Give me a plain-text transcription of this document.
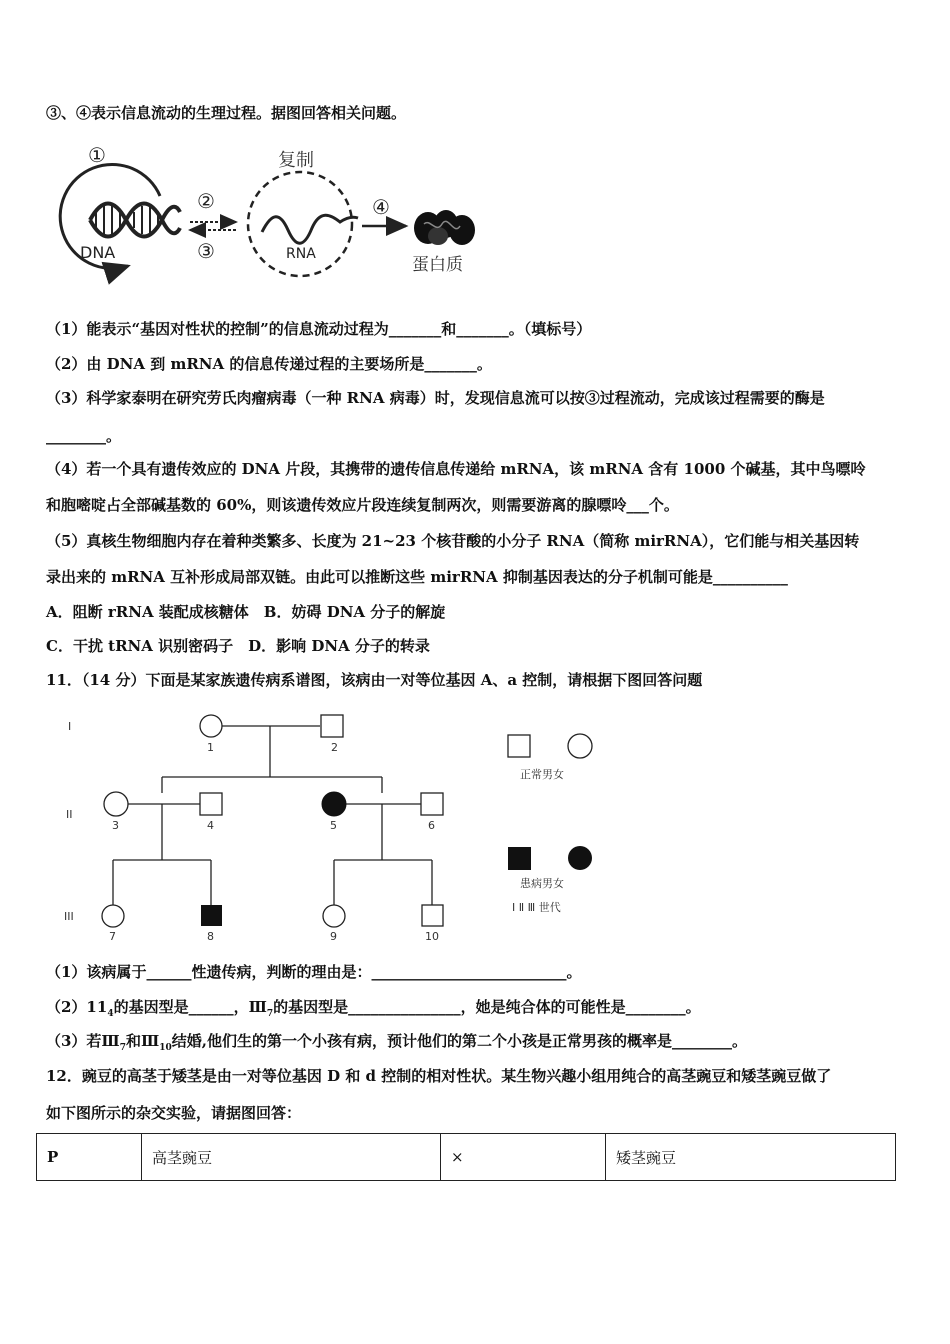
③、④表示信息流动的生理过程。据图回答相关问题。
①
DNA
②
③
复制
RNA
④
蛋白质
（1）能表示“基因对性状的控制”的信息流动过程为_______和_______。（填标号）
（2）由 DNA 到 mRNA 的信息传递过程的主要场所是_______。
（3）科学家泰明在研究劳氏肉瘤病毒（一种 RNA 病毒）时，发现信息流可以按③过程流动，完成该过程需要的酶是
________。
（4）若一个具有遗传效应的 DNA 片段，其携带的遗传信息传递给 mRNA，该 mRNA 含有 1000 个碱基，其中鸟嘌呤
和胞嘧啶占全部碱基数的 60%，则该遗传效应片段连续复制两次，则需要游离的腺嘌呤___个。
（5）真核生物细胞内存在着种类繁多、长度为 21~23 个核苷酸的小分子 RNA（简称 mirRNA），它们能与相关基因转
录出来的 mRNA 互补形成局部双链。由此可以推断这些 mirRNA 抑制基因表达的分子机制可能是__________
A．阻断 rRNA 装配成核糖体　B．妨碍 DNA 分子的解旋
C．干扰 tRNA 识别密码子　D．影响 DNA 分子的转录
11．（14 分）下面是某家族遗传病系谱图，该病由一对等位基因 A、a 控制，请根据下图回答问题
I
II
III
1	2
3	4	5	6
7	8	9	10
正常男女
患病男女
Ⅰ Ⅱ Ⅲ 世代
（1）该病属于______性遗传病，判断的理由是：__________________________。
$(2)11_4$的基因型是______，$Ⅲ_7$的基因型是_______________，她是纯合体的可能性是________。
（3）若$Ⅲ_7$和$Ⅲ_{10}$结婚,他们生的第一个小孩有病，预计他们的第二个小孩是正常男孩的概率是________。
12．豌豆的高茎于矮茎是由一对等位基因 D 和 d 控制的相对性状。某生物兴趣小组用纯合的高茎豌豆和矮茎豌豆做了
如下图所示的杂交实验，请据图回答：
P	高茎豌豆	×	矮茎豌豆
